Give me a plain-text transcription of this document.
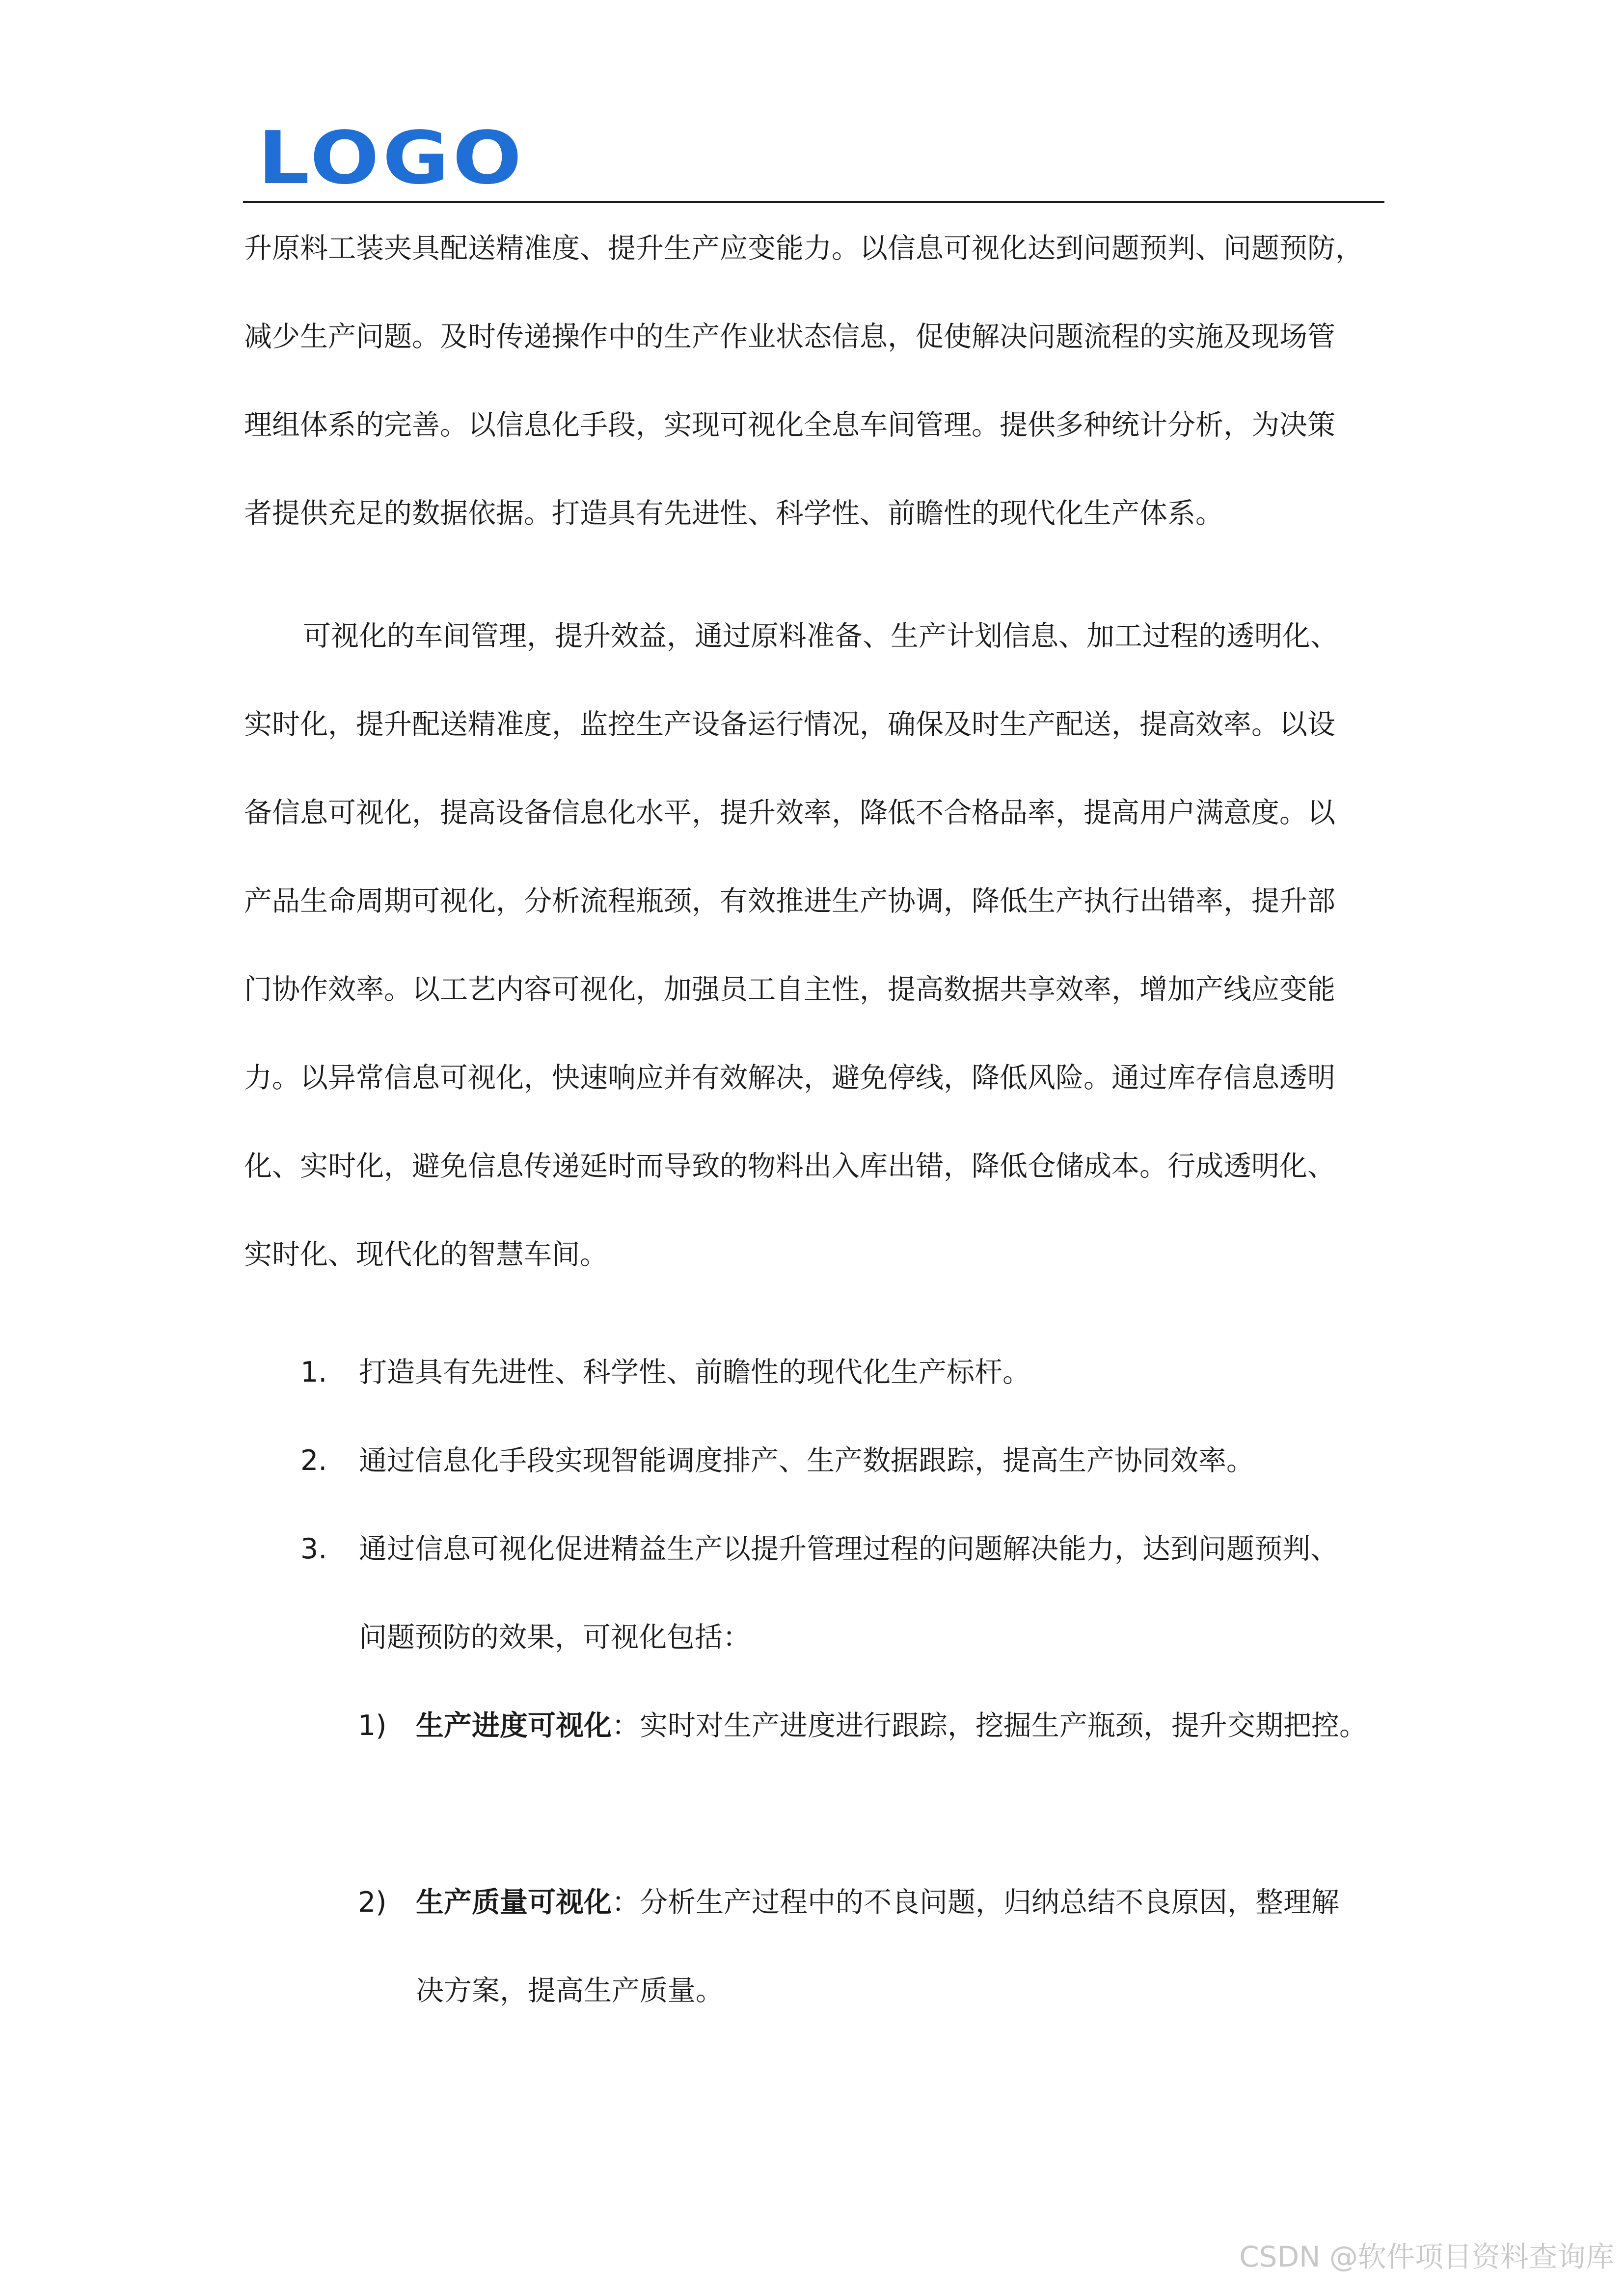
LOGO
升原料工装夹具配送精准度、提升生产应变能力。以信息可视化达到问题预判、问题预防，
减少生产问题。及时传递操作中的生产作业状态信息，促使解决问题流程的实施及现场管
理组体系的完善。以信息化手段，实现可视化全息车间管理。提供多种统计分析，为决策
者提供充足的数据依据。打造具有先进性、科学性、前瞻性的现代化生产体系。
可视化的车间管理，提升效益，通过原料准备、生产计划信息、加工过程的透明化、
实时化，提升配送精准度，监控生产设备运行情况，确保及时生产配送，提高效率。以设
备信息可视化，提高设备信息化水平，提升效率，降低不合格品率，提高用户满意度。以
产品生命周期可视化，分析流程瓶颈，有效推进生产协调，降低生产执行出错率，提升部
门协作效率。以工艺内容可视化，加强员工自主性，提高数据共享效率，增加产线应变能
力。以异常信息可视化，快速响应并有效解决，避免停线，降低风险。通过库存信息透明
化、实时化，避免信息传递延时而导致的物料出入库出错，降低仓储成本。行成透明化、
实时化、现代化的智慧车间。
1. 打造具有先进性、科学性、前瞻性的现代化生产标杆。
2. 通过信息化手段实现智能调度排产、生产数据跟踪，提高生产协同效率。
3. 通过信息可视化促进精益生产以提升管理过程的问题解决能力，达到问题预判、
问题预防的效果，可视化包括：
1) 生产进度可视化：实时对生产进度进行跟踪，挖掘生产瓶颈，提升交期把控。
2) 生产质量可视化：分析生产过程中的不良问题，归纳总结不良原因，整理解
决方案，提高生产质量。
CSDN @软件项目资料查询库
